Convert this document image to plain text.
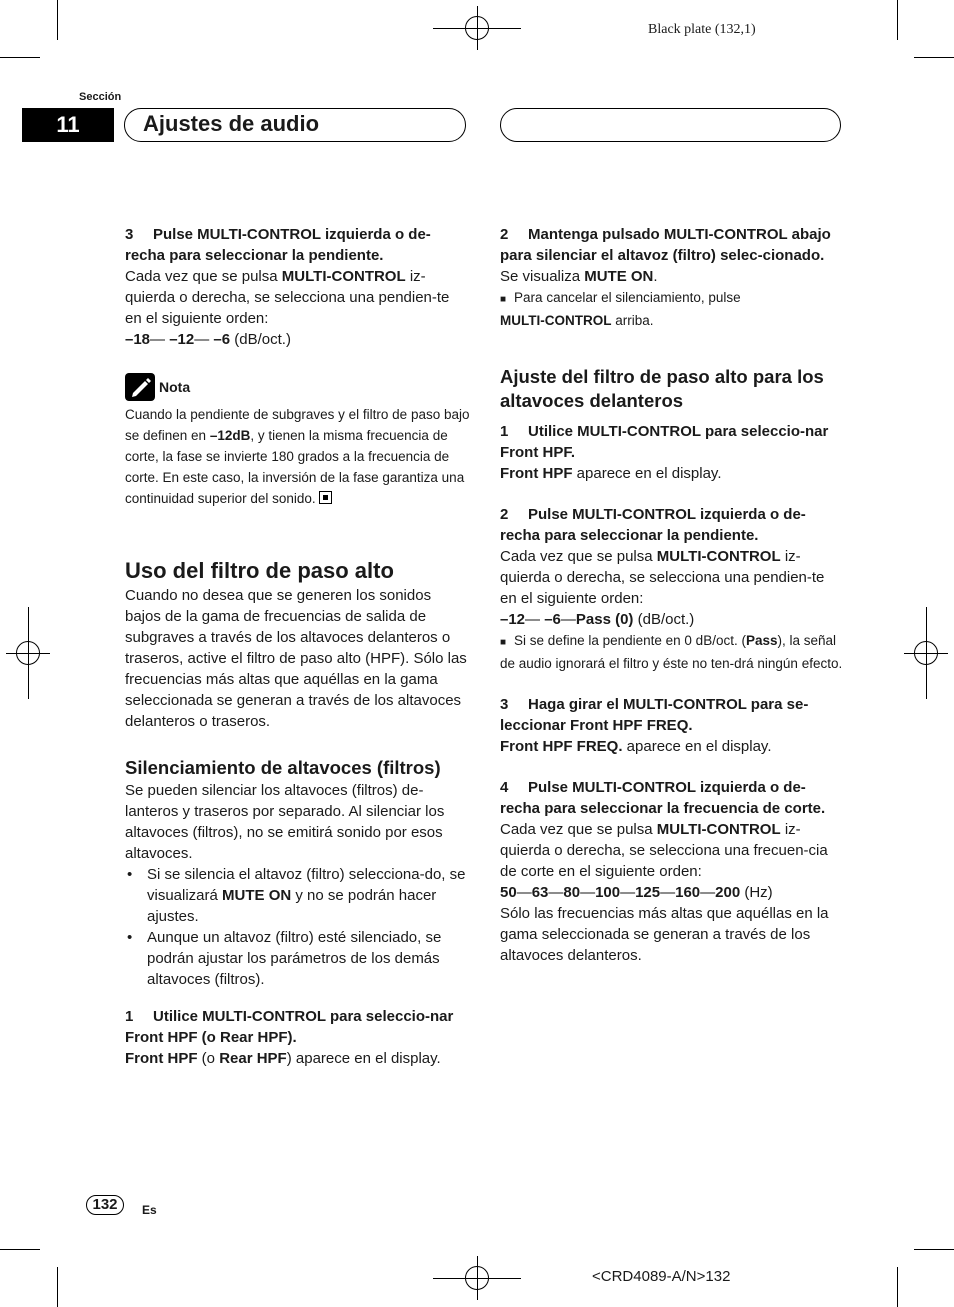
Black plate (132,1)
Sección
11	Ajustes de audio

3 Pulse MULTI-CONTROL izquierda o de-recha para seleccionar la pendiente.

Cada vez que se pulsa MULTI-CONTROL iz-quierda o derecha, se selecciona una pendien-te en el siguiente orden:

–18— –12— –6 (dB/oct.)

Nota

Cuando la pendiente de subgraves y el filtro de paso bajo se definen en –12dB, y tienen la misma frecuencia de corte, la fase se invierte 180 grados a la frecuencia de corte. En este caso, la inversión de la fase garantiza una continuidad superior del sonido.

Uso del filtro de paso alto

Cuando no desea que se generen los sonidos bajos de la gama de frecuencias de salida de subgraves a través de los altavoces delanteros o traseros, active el filtro de paso alto (HPF). Sólo las frecuencias más altas que aquéllas en la gama seleccionada se generan a través de los altavoces delanteros o traseros.

Silenciamiento de altavoces (filtros)

Se pueden silenciar los altavoces (filtros) de-lanteros y traseros por separado. Al silenciar los altavoces (filtros), no se emitirá sonido por esos altavoces.

• Si se silencia el altavoz (filtro) selecciona-do, se visualizará MUTE ON y no se podrán hacer ajustes.

• Aunque un altavoz (filtro) esté silenciado, se podrán ajustar los parámetros de los demás altavoces (filtros).

1 Utilice MULTI-CONTROL para seleccio-nar Front HPF (o Rear HPF).

Front HPF (o Rear HPF) aparece en el display.

2 Mantenga pulsado MULTI-CONTROL abajo para silenciar el altavoz (filtro) selec-cionado.

Se visualiza MUTE ON.

■ Para cancelar el silenciamiento, pulse
MULTI-CONTROL arriba.

Ajuste del filtro de paso alto para los altavoces delanteros

1 Utilice MULTI-CONTROL para seleccio-nar Front HPF.

Front HPF aparece en el display.

2 Pulse MULTI-CONTROL izquierda o de-recha para seleccionar la pendiente.

Cada vez que se pulsa MULTI-CONTROL iz-quierda o derecha, se selecciona una pendien-te en el siguiente orden:

–12— –6—Pass (0) (dB/oct.)

■ Si se define la pendiente en 0 dB/oct. (Pass), la señal de audio ignorará el filtro y éste no ten-drá ningún efecto.

3 Haga girar el MULTI-CONTROL para se-leccionar Front HPF FREQ.

Front HPF FREQ. aparece en el display.

4 Pulse MULTI-CONTROL izquierda o de-recha para seleccionar la frecuencia de corte.

Cada vez que se pulsa MULTI-CONTROL iz-quierda o derecha, se selecciona una frecuen-cia de corte en el siguiente orden:

50—63—80—100—125—160—200 (Hz)

Sólo las frecuencias más altas que aquéllas en la gama seleccionada se generan a través de los altavoces delanteros.

132	Es
<CRD4089-A/N>132
